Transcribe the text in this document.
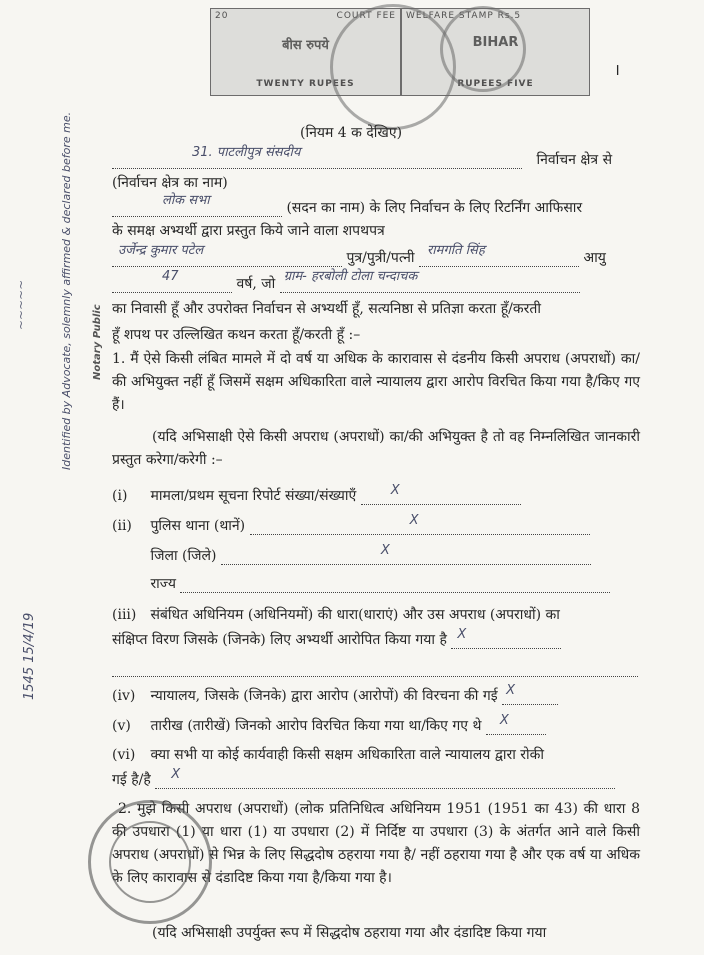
20	COURT FEE
बीस रुपये
TWENTY RUPEES
WELFARE STAMP Rs.5
BIHAR
RUPEES FIVE
।
(नियम 4 क देखिए)
31. पाटलीपुत्र संसदीय	निर्वाचन क्षेत्र से
(निर्वाचन क्षेत्र का नाम)
लोक सभा	(सदन का नाम) के लिए निर्वाचन के लिए रिटर्निंग आफिसार
के समक्ष अभ्यर्थी द्वारा प्रस्तुत किये जाने वाला शपथपत्र
उर्जेन्द्र कुमार पटेल	पुत्र/पुत्री/पत्नी रामगति सिंह	आयु
47	वर्ष, जो ग्राम- हरबोली टोला चन्दाचक

का निवासी हूँ और उपरोक्त निर्वाचन से अभ्यर्थी हूँ, सत्यनिष्ठा से प्रतिज्ञा करता हूँ/करती
हूँ शपथ पर उल्लिखित कथन करता हूँ/करती हूँ :–
1. मैं ऐसे किसी लंबित मामले में दो वर्ष या अधिक के कारावास से दंडनीय किसी अपराध (अपराधों) का/की अभियुक्त नहीं हूँ जिसमें सक्षम अधिकारिता वाले न्यायालय द्वारा आरोप विरचित किया गया है/किए गए हैं।
(यदि अभिसाक्षी ऐसे किसी अपराध (अपराधों) का/की अभियुक्त है तो वह निम्नलिखित जानकारी प्रस्तुत करेगा/करेगी :–
(i) मामला/प्रथम सूचना रिपोर्ट संख्या/संख्याएँ	X

(ii) पुलिस थाना (थानें)	X

जिला (जिले)	X

राज्य
(iii) संबंधित अधिनियम (अधिनियमों) की धारा(धाराएं) और उस अपराध (अपराधों) का
संक्षिप्त विरण जिसके (जिनके) लिए अभ्यर्थी आरोपित किया गया है X

(iv) न्यायालय, जिसके (जिनके) द्वारा आरोप (आरोपों) की विरचना की गई X

(v) तारीख (तारीखें) जिनको आरोप विरचित किया गया था/किए गए थे X

(vi) क्या सभी या कोई कार्यवाही किसी सक्षम अधिकारिता वाले न्यायालय द्वारा रोकी
गई है/है X

2. मुझे किसी अपराध (अपराधों) (लोक प्रतिनिधित्व अधिनियम 1951 (1951 का 43) की धारा 8 की उपधारा (1) या धारा (1) या उपधारा (2) में निर्दिष्ट या उपधारा (3) के अंतर्गत आने वाले किसी अपराध (अपराधों) से भिन्न के लिए सिद्धदोष ठहराया गया है/ नहीं ठहराया गया है और एक वर्ष या अधिक के लिए कारावास से दंडादिष्ट किया गया है/किया गया है।
(यदि अभिसाक्षी उपर्युक्त रूप में सिद्धदोष ठहराया गया और दंडादिष्ट किया गया
Identified by Advocate, solemnly affirmed & declared before me. Notary Public
1545 15/4/19
~~~~~
